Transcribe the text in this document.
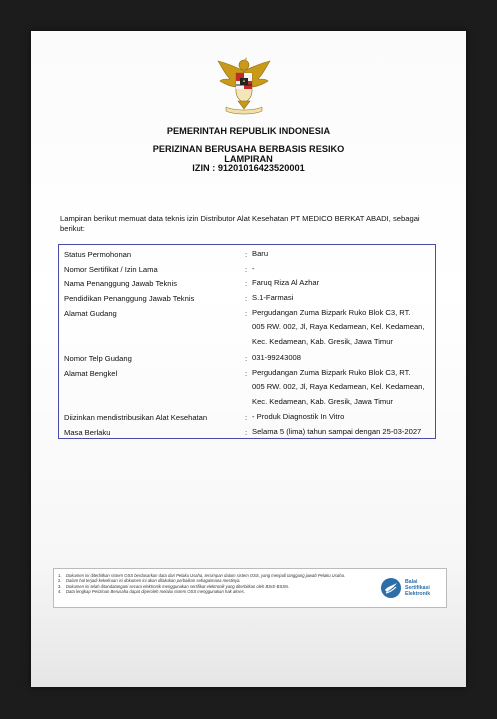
PEMERINTAH REPUBLIK INDONESIA
PERIZINAN BERUSAHA BERBASIS RESIKO
LAMPIRAN
IZIN : 91201016423520001
Lampiran berikut memuat data teknis izin Distributor Alat Kesehatan PT MEDICO BERKAT ABADI, sebagai berikut:
Status Permohonan	: Baru
Nomor Sertifikat / Izin Lama	: -
Nama Penanggung Jawab Teknis	: Faruq Riza Al Azhar
Pendidikan Penanggung Jawab Teknis	: S.1-Farmasi
Alamat Gudang	: Pergudangan Zuma Bizpark Ruko Blok C3, RT.
005 RW. 002, Jl, Raya Kedamean, Kel. Kedamean,
Kec. Kedamean, Kab. Gresik, Jawa Timur
Nomor Telp Gudang	: 031-99243008
Alamat Bengkel	: Pergudangan Zuma Bizpark Ruko Blok C3, RT.
005 RW. 002, Jl, Raya Kedamean, Kel. Kedamean,
Kec. Kedamean, Kab. Gresik, Jawa Timur
Diizinkan mendistribusikan Alat Kesehatan	: - Produk Diagnostik In Vitro
Masa Berlaku	: Selama 5 (lima) tahun sampai dengan 25-03-2027
1. Dokumen ini diterbitkan sistem OSS berdasarkan data dari Pelaku Usaha, tersimpan dalam sistem OSS, yang menjadi tanggung jawab Pelaku Usaha.
2. Dalam hal terjadi kekeliruan isi dokumen ini akan dilakukan perbaikan sebagaimana mestinya.
3. Dokumen ini telah ditandatangani secara elektronik menggunakan sertifikat elektronik yang diterbitkan oleh BSrE-BSSN.
4. Data lengkap Perizinan Berusaha dapat diperoleh melalui sistem OSS menggunakan hak akses.
Balai
Sertifikasi
Elektronik
